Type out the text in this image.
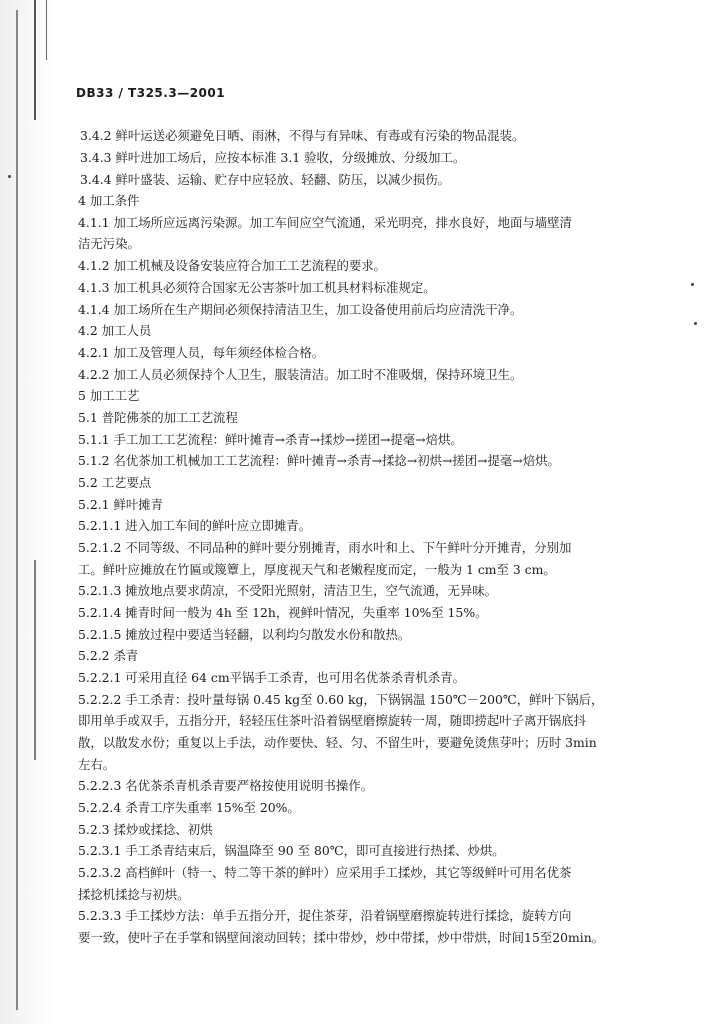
DB33 / T325.3—2001
3.4.2 鲜叶运送必须避免日晒、雨淋，不得与有异味、有毒或有污染的物品混装。
3.4.3 鲜叶进加工场后，应按本标准 3.1 验收，分级摊放、分级加工。
3.4.4 鲜叶盛装、运输、贮存中应轻放、轻翻、防压，以减少损伤。
4 加工条件
4.1.1 加工场所应远离污染源。加工车间应空气流通，采光明亮，排水良好，地面与墙壁清
洁无污染。
4.1.2 加工机械及设备安装应符合加工工艺流程的要求。
4.1.3 加工机具必须符合国家无公害茶叶加工机具材料标准规定。
4.1.4 加工场所在生产期间必须保持清洁卫生，加工设备使用前后均应清洗干净。
4.2 加工人员
4.2.1 加工及管理人员，每年须经体检合格。
4.2.2 加工人员必须保持个人卫生，服装清洁。加工时不准吸烟，保持环境卫生。
5 加工工艺
5.1 普陀佛茶的加工工艺流程
5.1.1 手工加工工艺流程：鲜叶摊青→杀青→揉炒→搓团→提毫→焙烘。
5.1.2 名优茶加工机械加工工艺流程：鲜叶摊青→杀青→揉捻→初烘→搓团→提毫→焙烘。
5.2 工艺要点
5.2.1 鲜叶摊青
5.2.1.1 进入加工车间的鲜叶应立即摊青。
5.2.1.2 不同等级、不同品种的鲜叶要分别摊青，雨水叶和上、下午鲜叶分开摊青，分别加
工。鲜叶应摊放在竹匾或篾簟上，厚度视天气和老嫩程度而定，一般为 1 cm至 3 cm。
5.2.1.3 摊放地点要求荫凉，不受阳光照射，清洁卫生，空气流通，无异味。
5.2.1.4 摊青时间一般为 4h 至 12h，视鲜叶情况，失重率 10%至 15%。
5.2.1.5 摊放过程中要适当轻翻，以利均匀散发水份和散热。
5.2.2 杀青
5.2.2.1 可采用直径 64 cm平锅手工杀青，也可用名优茶杀青机杀青。
5.2.2.2 手工杀青：投叶量每锅 0.45 kg至 0.60 kg，下锅锅温 150℃－200℃，鲜叶下锅后，
即用单手或双手，五指分开，轻轻压住茶叶沿着锅壁磨擦旋转一周，随即捞起叶子离开锅底抖
散，以散发水份；重复以上手法，动作要快、轻、匀、不留生叶，要避免烫焦芽叶；历时 3min
左右。
5.2.2.3 名优茶杀青机杀青要严格按使用说明书操作。
5.2.2.4 杀青工序失重率 15%至 20%。
5.2.3 揉炒或揉捻、初烘
5.2.3.1 手工杀青结束后，锅温降至 90 至 80℃，即可直接进行热揉、炒烘。
5.2.3.2 高档鲜叶（特一、特二等干茶的鲜叶）应采用手工揉炒，其它等级鲜叶可用名优茶
揉捻机揉捻与初烘。
5.2.3.3 手工揉炒方法：单手五指分开，捉住茶芽，沿着锅壁磨擦旋转进行揉捻，旋转方向
要一致，使叶子在手掌和锅壁间滚动回转；揉中带炒，炒中带揉，炒中带烘，时间15至20min。
